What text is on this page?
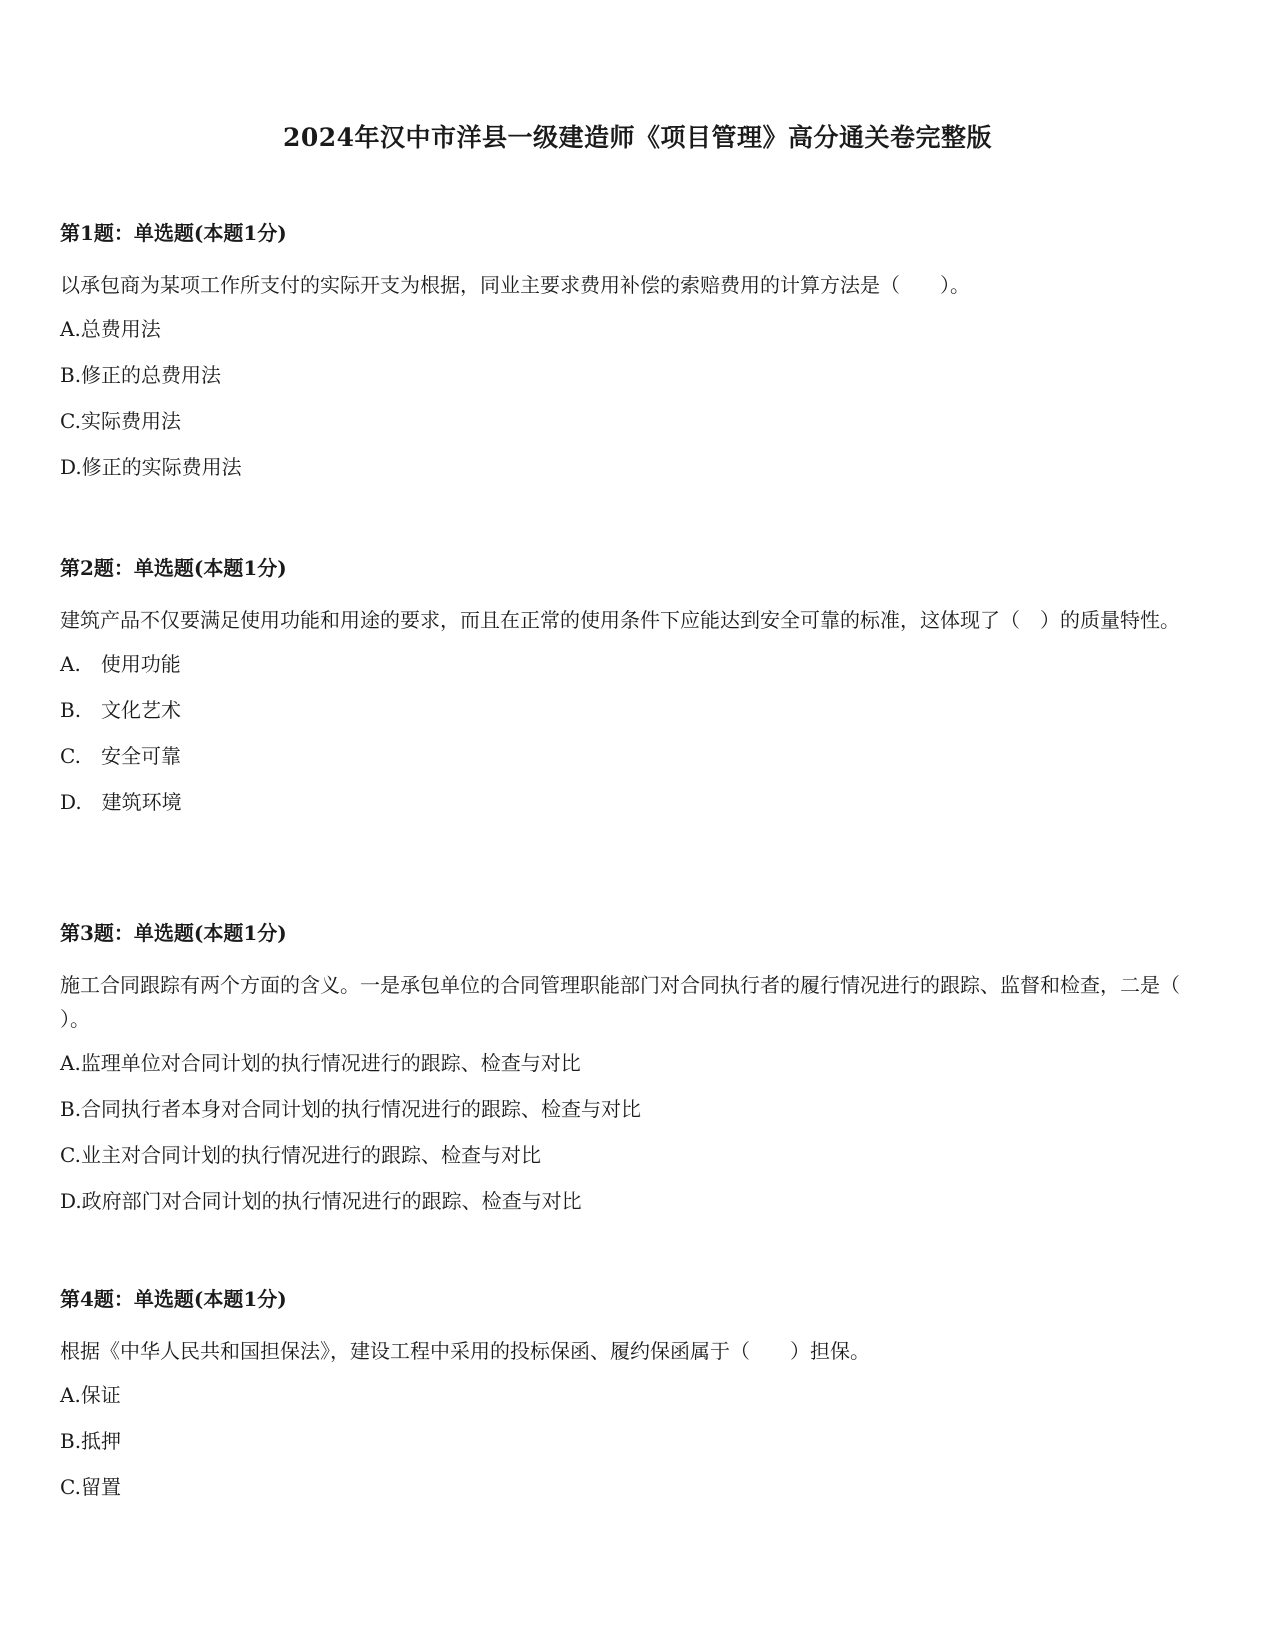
2024年汉中市洋县一级建造师《项目管理》高分通关卷完整版
第1题：单选题(本题1分)
以承包商为某项工作所支付的实际开支为根据，同业主要求费用补偿的索赔费用的计算方法是（　　）。
A.总费用法
B.修正的总费用法
C.实际费用法
D.修正的实际费用法
第2题：单选题(本题1分)
建筑产品不仅要满足使用功能和用途的要求，而且在正常的使用条件下应能达到安全可靠的标准，这体现了（　）的质量特性。
A.　使用功能
B.　文化艺术
C.　安全可靠
D.　建筑环境
第3题：单选题(本题1分)
施工合同跟踪有两个方面的含义。一是承包单位的合同管理职能部门对合同执行者的履行情况进行的跟踪、监督和检查，二是（ ）。
A.监理单位对合同计划的执行情况进行的跟踪、检查与对比
B.合同执行者本身对合同计划的执行情况进行的跟踪、检查与对比
C.业主对合同计划的执行情况进行的跟踪、检查与对比
D.政府部门对合同计划的执行情况进行的跟踪、检查与对比
第4题：单选题(本题1分)
根据《中华人民共和国担保法》，建设工程中采用的投标保函、履约保函属于（　　）担保。
A.保证
B.抵押
C.留置
